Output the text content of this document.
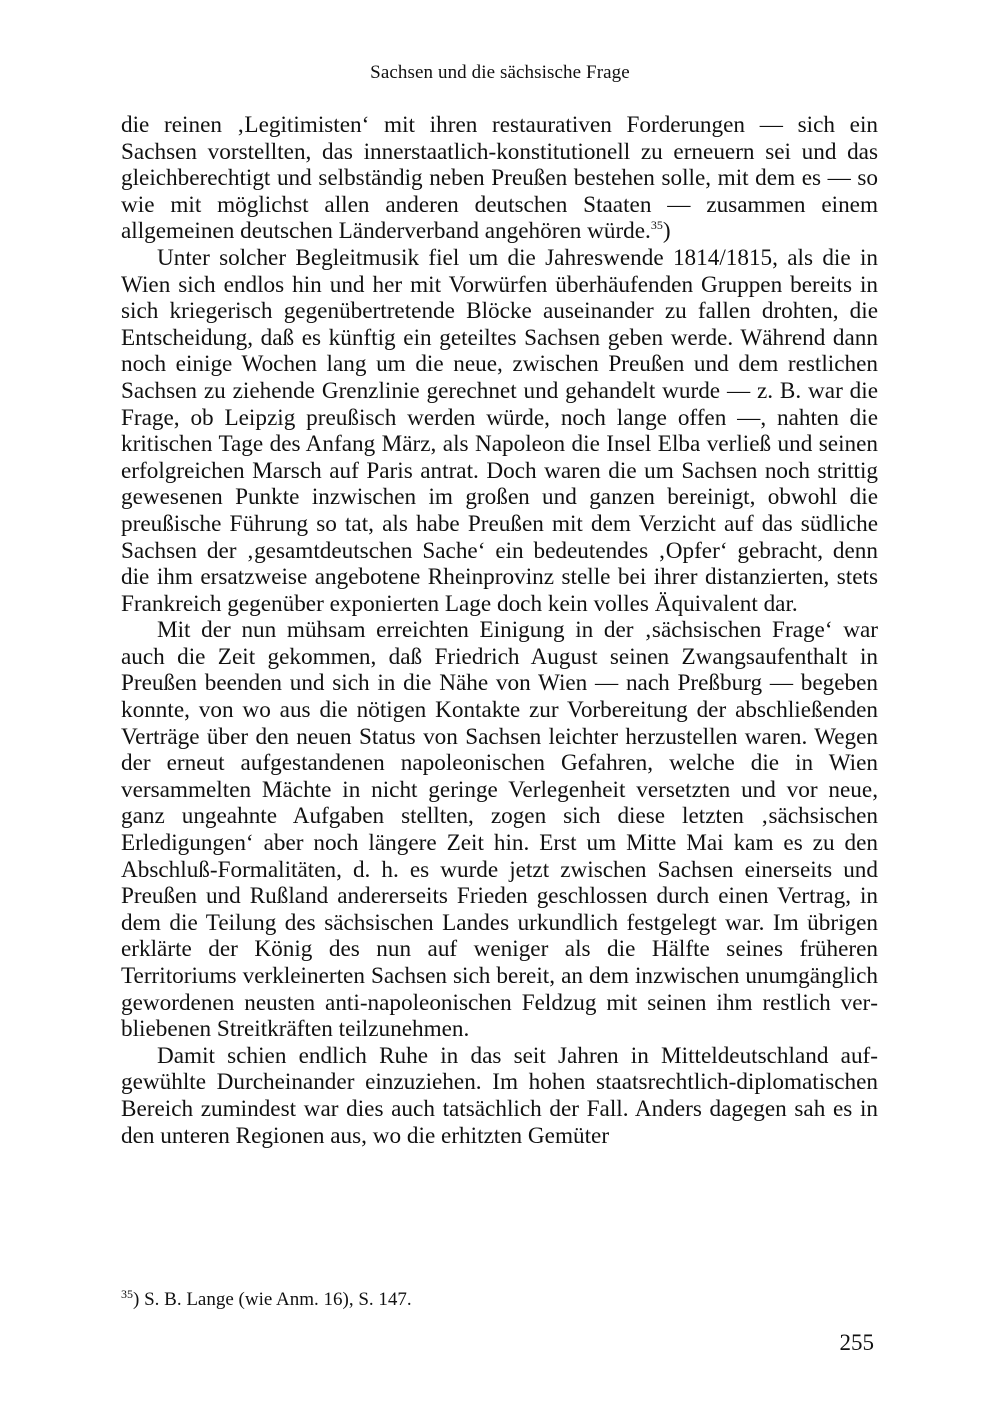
Sachsen und die sächsische Frage

die reinen ‚Legitimisten‘ mit ihren restaurativen Forderungen — sich ein Sachsen vorstellten, das innerstaatlich-konstitutionell zu erneuern sei und das gleichberechtigt und selbständig neben Preußen bestehen solle, mit dem es — so wie mit möglichst allen anderen deutschen Staaten — zusammen einem allgemeinen deutschen Länderverband angehören würde.$^{35}$)

Unter solcher Begleitmusik fiel um die Jahreswende 1814/1815, als die in Wien sich endlos hin und her mit Vorwürfen überhäufenden Gruppen bereits in sich kriegerisch gegenübertretende Blöcke auseinander zu fallen drohten, die Entscheidung, daß es künftig ein geteiltes Sachsen geben werde. Während dann noch einige Wochen lang um die neue, zwischen Preußen und dem restlichen Sachsen zu ziehende Grenzlinie gerechnet und gehandelt wurde — z. B. war die Frage, ob Leipzig preußisch werden würde, noch lange offen —, nahten die kritischen Tage des Anfang März, als Napoleon die Insel Elba verließ und seinen erfolgreichen Marsch auf Paris antrat. Doch waren die um Sachsen noch strittig gewesenen Punkte inzwischen im großen und ganzen bereinigt, obwohl die preußische Führung so tat, als habe Preußen mit dem Verzicht auf das südliche Sachsen der ‚gesamtdeutschen Sache‘ ein bedeutendes ‚Opfer‘ gebracht, denn die ihm ersatzweise angebotene Rheinprovinz stelle bei ihrer distanzierten, stets Frankreich gegenüber exponierten Lage doch kein volles Äquivalent dar.

Mit der nun mühsam erreichten Einigung in der ‚sächsischen Frage‘ war auch die Zeit gekommen, daß Friedrich August seinen Zwangsaufenthalt in Preußen beenden und sich in die Nähe von Wien — nach Preßburg — begeben konnte, von wo aus die nötigen Kontakte zur Vorbereitung der abschließenden Verträge über den neuen Status von Sachsen leichter herzustellen waren. Wegen der erneut aufgestandenen napoleonischen Gefahren, welche die in Wien versammelten Mächte in nicht geringe Verlegenheit versetzten und vor neue, ganz ungeahnte Aufgaben stellten, zogen sich diese letzten ‚sächsischen Erledigungen‘ aber noch längere Zeit hin. Erst um Mitte Mai kam es zu den Abschluß-Formalitäten, d. h. es wurde jetzt zwischen Sachsen einerseits und Preußen und Rußland andererseits Frieden geschlossen durch einen Vertrag, in dem die Teilung des sächsischen Landes urkundlich festgelegt war. Im übrigen erklärte der König des nun auf weniger als die Hälfte seines früheren Territoriums verkleinerten Sachsen sich bereit, an dem inzwischen unumgänglich gewordenen neusten anti-napoleonischen Feldzug mit seinen ihm restlich verbliebenen Streitkräften teilzunehmen.

Damit schien endlich Ruhe in das seit Jahren in Mitteldeutschland aufgewühlte Durcheinander einzuziehen. Im hohen staatsrechtlich-diplomatischen Bereich zumindest war dies auch tatsächlich der Fall. Anders dagegen sah es in den unteren Regionen aus, wo die erhitzten Gemüter

$^{35}$) S. B. Lange (wie Anm. 16), S. 147.
255
